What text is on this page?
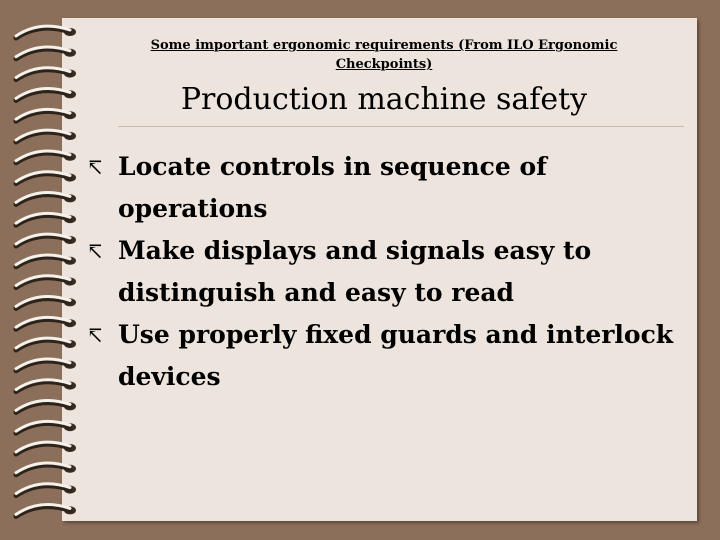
Some important ergonomic requirements (From ILO Ergonomic Checkpoints)
Production machine safety
↸ Locate controls in sequence of operations
↸ Make displays and signals easy to distinguish and easy to read
↸ Use properly fixed guards and interlock devices
